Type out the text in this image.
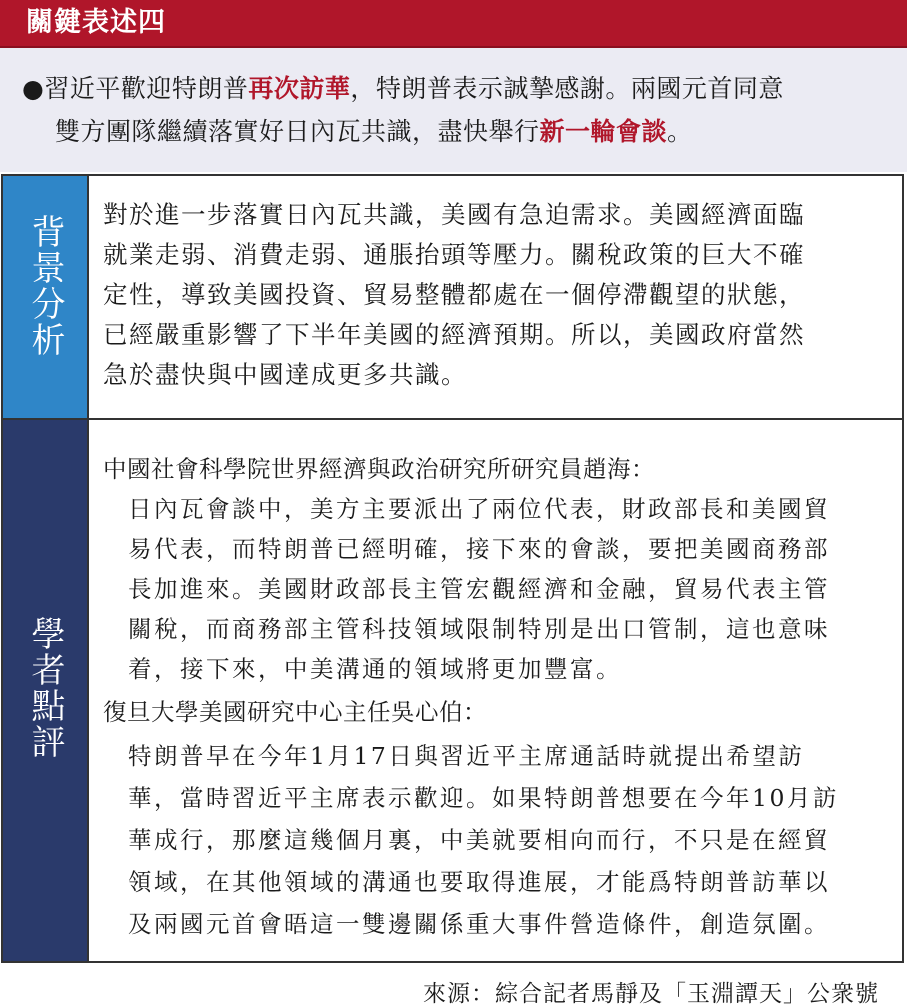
關鍵表述四
●習近平歡迎特朗普再次訪華，特朗普表示誠摯感謝。兩國元首同意
雙方團隊繼續落實好日內瓦共識，盡快舉行新一輪會談。
背景分析 對於進一步落實日內瓦共識，美國有急迫需求。美國經濟面臨
就業走弱、消費走弱、通脹抬頭等壓力。關稅政策的巨大不確
定性，導致美國投資、貿易整體都處在一個停滯觀望的狀態，
已經嚴重影響了下半年美國的經濟預期。所以，美國政府當然
急於盡快與中國達成更多共識。
學者點評
中國社會科學院世界經濟與政治研究所研究員趙海：
日內瓦會談中，美方主要派出了兩位代表，財政部長和美國貿
易代表，而特朗普已經明確，接下來的會談，要把美國商務部
長加進來。美國財政部長主管宏觀經濟和金融，貿易代表主管
關稅，而商務部主管科技領域限制特別是出口管制，這也意味
着，接下來，中美溝通的領域將更加豐富。
復旦大學美國研究中心主任吳心伯：
特朗普早在今年1月17日與習近平主席通話時就提出希望訪
華，當時習近平主席表示歡迎。如果特朗普想要在今年10月訪
華成行，那麼這幾個月裏，中美就要相向而行，不只是在經貿
領域，在其他領域的溝通也要取得進展，才能爲特朗普訪華以
及兩國元首會晤這一雙邊關係重大事件營造條件，創造氛圍。
來源：綜合記者馬靜及「玉淵譚天」公衆號
